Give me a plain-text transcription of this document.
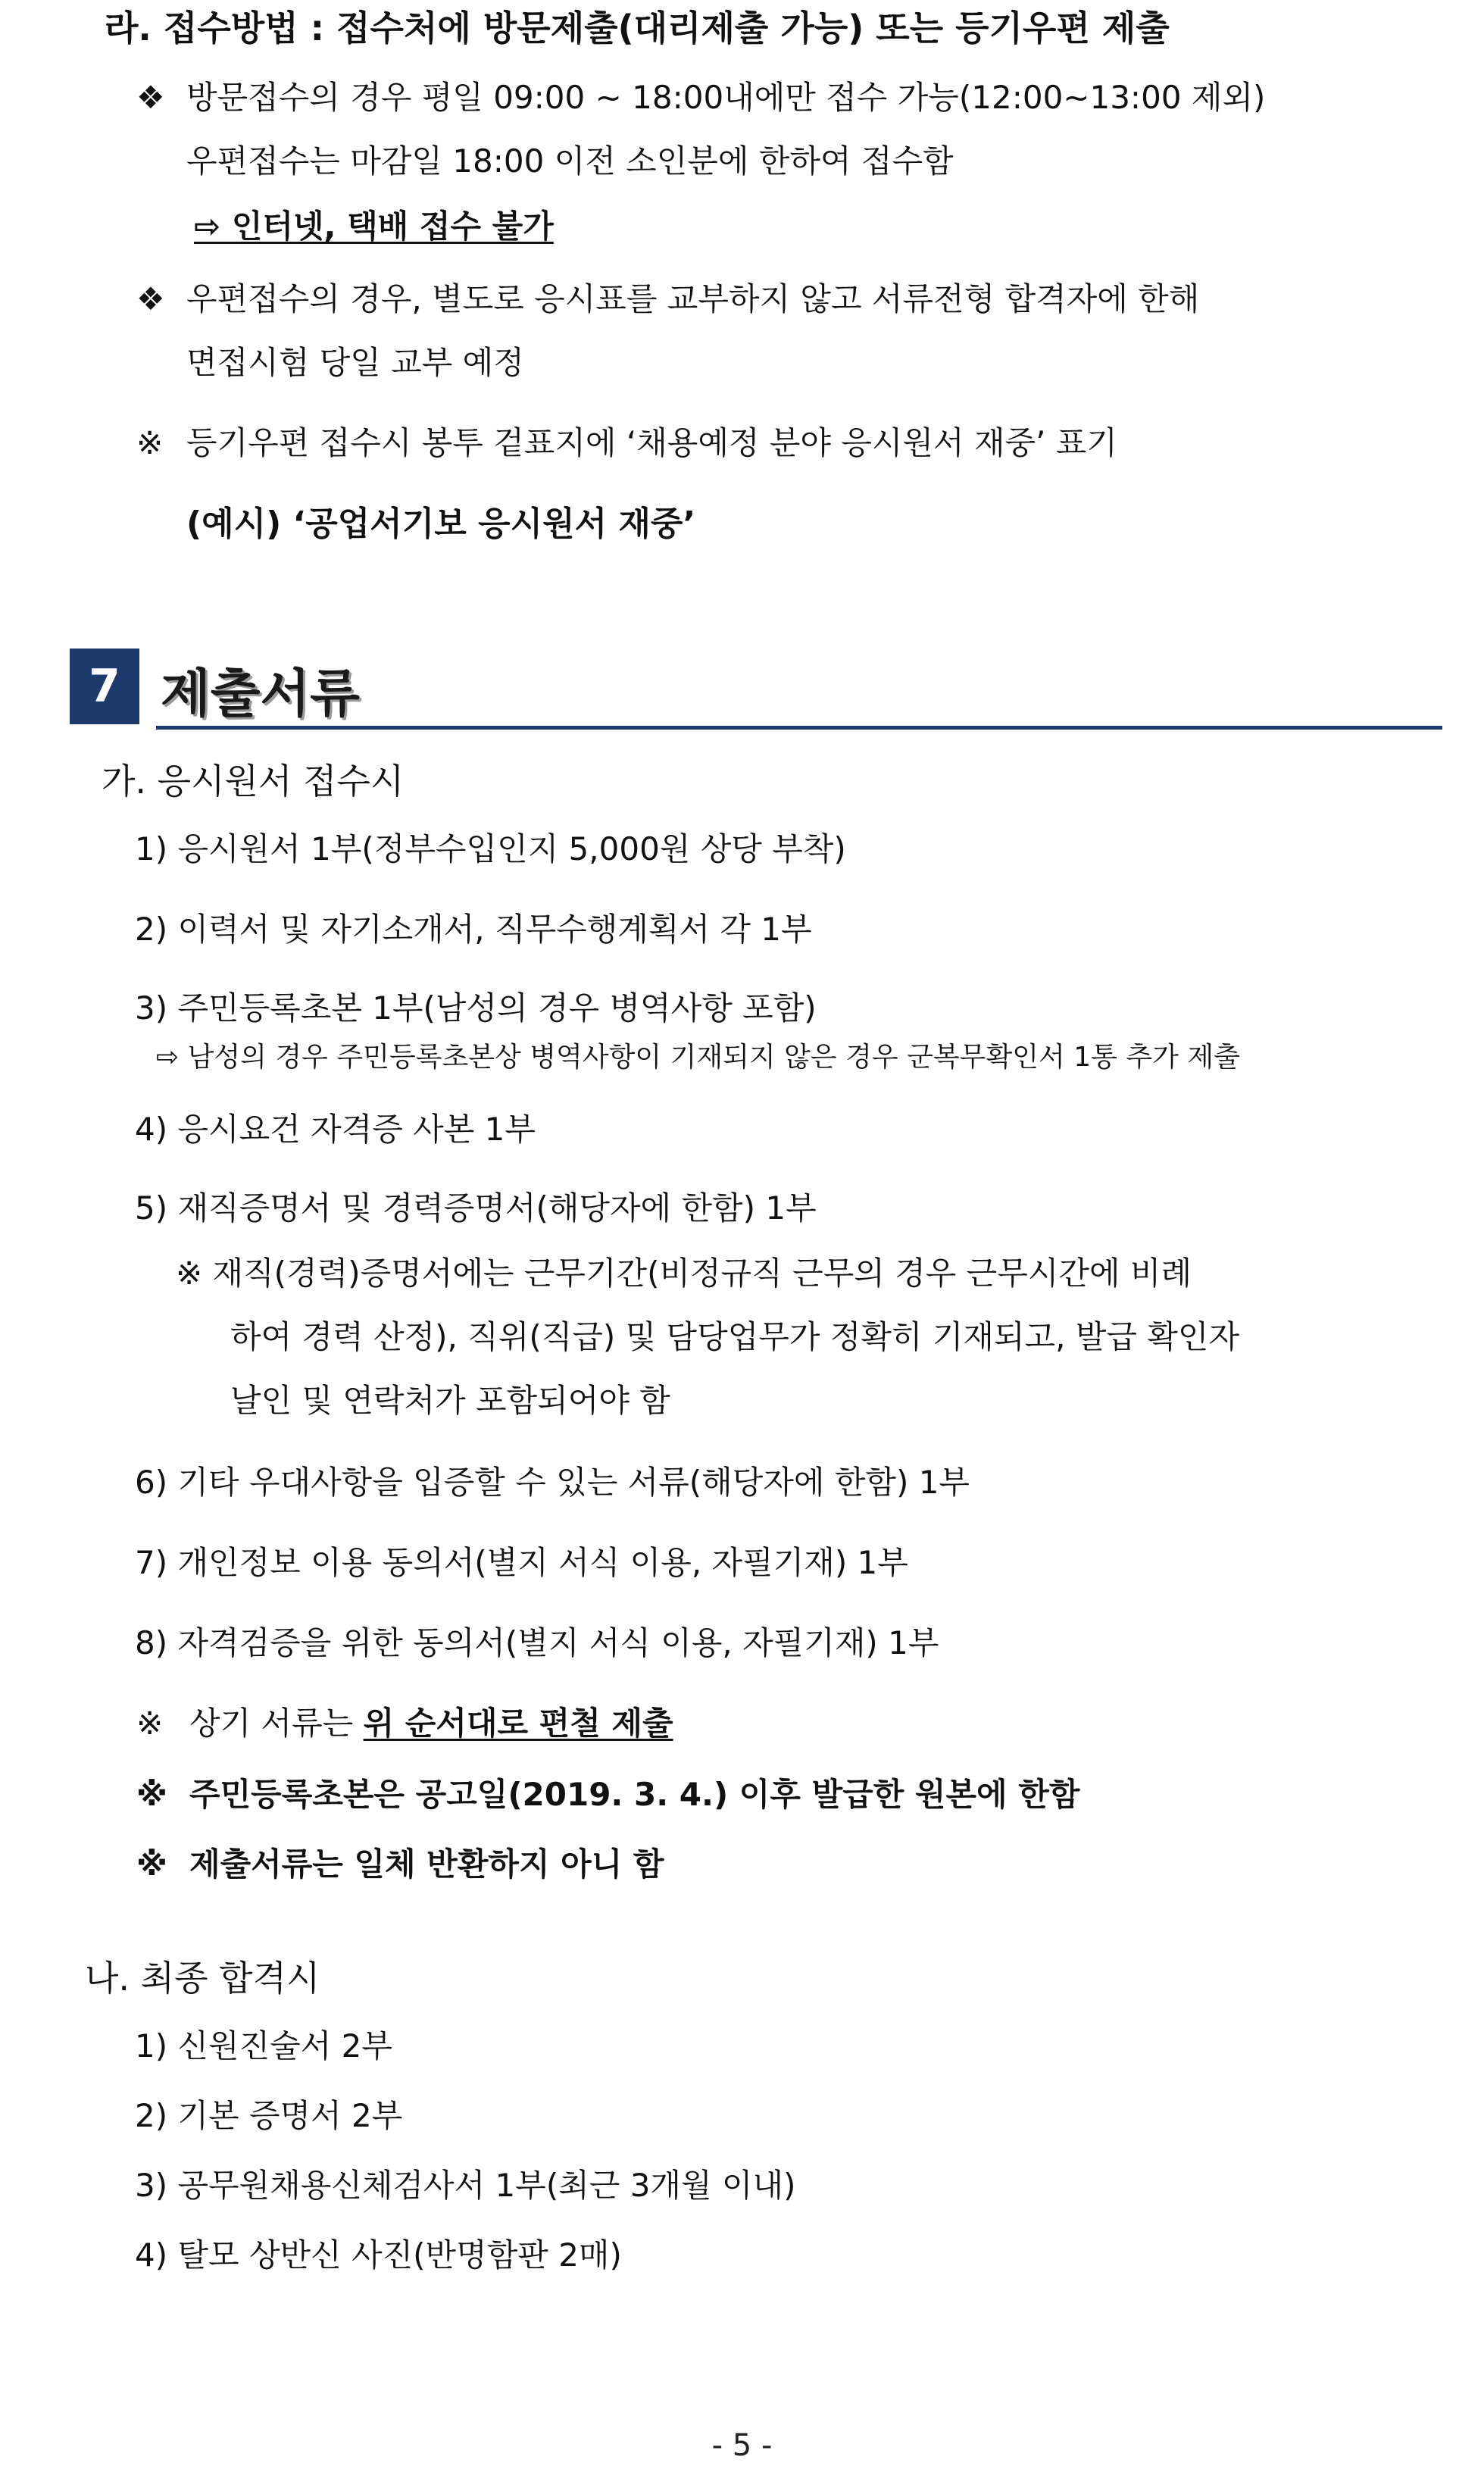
라. 접수방법 : 접수처에 방문제출(대리제출 가능) 또는 등기우편 제출
❖ 방문접수의 경우 평일 09:00 ~ 18:00내에만 접수 가능(12:00~13:00 제외)
우편접수는 마감일 18:00 이전 소인분에 한하여 접수함
⇨ 인터넷, 택배 접수 불가
❖ 우편접수의 경우, 별도로 응시표를 교부하지 않고 서류전형 합격자에 한해
면접시험 당일 교부 예정
※ 등기우편 접수시 봉투 겉표지에 ‘채용예정 분야 응시원서 재중’ 표기
(예시) ‘공업서기보 응시원서 재중’
7 제출서류
가. 응시원서 접수시
1) 응시원서 1부(정부수입인지 5,000원 상당 부착)
2) 이력서 및 자기소개서, 직무수행계획서 각 1부
3) 주민등록초본 1부(남성의 경우 병역사항 포함)
⇨ 남성의 경우 주민등록초본상 병역사항이 기재되지 않은 경우 군복무확인서 1통 추가 제출
4) 응시요건 자격증 사본 1부
5) 재직증명서 및 경력증명서(해당자에 한함) 1부
※ 재직(경력)증명서에는 근무기간(비정규직 근무의 경우 근무시간에 비례
하여 경력 산정), 직위(직급) 및 담당업무가 정확히 기재되고, 발급 확인자
날인 및 연락처가 포함되어야 함
6) 기타 우대사항을 입증할 수 있는 서류(해당자에 한함) 1부
7) 개인정보 이용 동의서(별지 서식 이용, 자필기재) 1부
8) 자격검증을 위한 동의서(별지 서식 이용, 자필기재) 1부
※ 상기 서류는 위 순서대로 편철 제출
※ 주민등록초본은 공고일(2019. 3. 4.) 이후 발급한 원본에 한함
※ 제출서류는 일체 반환하지 아니 함
나. 최종 합격시
1) 신원진술서 2부
2) 기본 증명서 2부
3) 공무원채용신체검사서 1부(최근 3개월 이내)
4) 탈모 상반신 사진(반명함판 2매)
- 5 -
